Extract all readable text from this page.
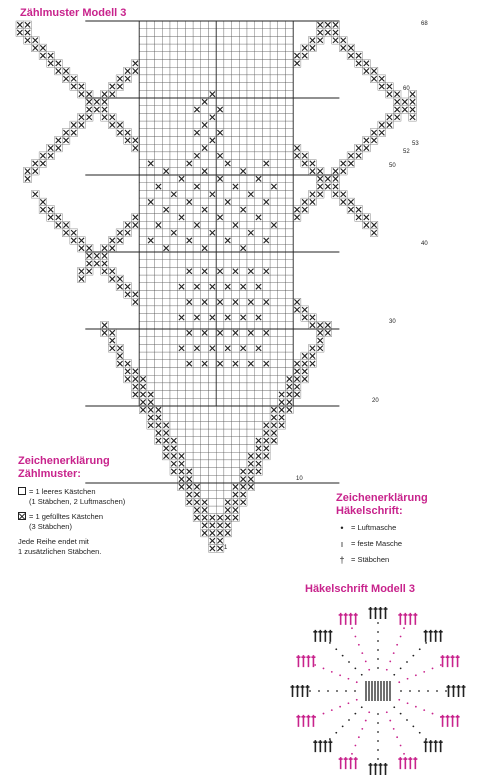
Zählmuster Modell 3
68
60
53
52
50
40
30
20
10
1
Zeichenerklärung
Zählmuster:
= 1 leeres Kästchen
(1 Stäbchen, 2 Luftmaschen)
= 1 gefülltes Kästchen
(3 Stäbchen)
Jede Reihe endet mit
1 zusätzlichen Stäbchen.
Zeichenerklärung
Häkelschrift:
• = Luftmasche
ı	= feste Masche
† = Stäbchen
Häkelschrift Modell 3
